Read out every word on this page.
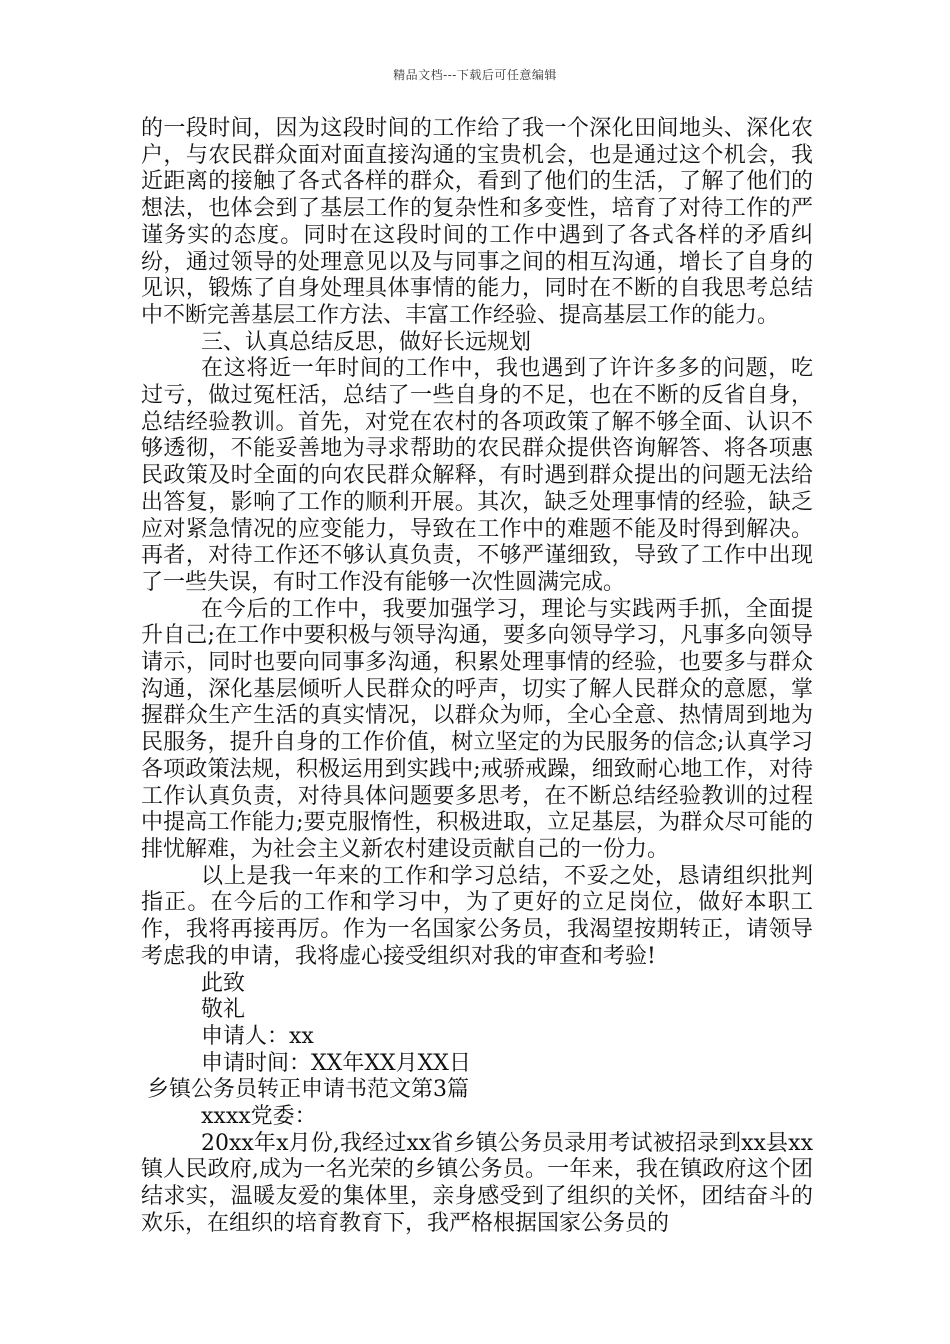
精品文档---下载后可任意编辑

的一段时间，因为这段时间的工作给了我一个深化田间地头、深化农户，与农民群众面对面直接沟通的宝贵机会，也是通过这个机会，我近距离的接触了各式各样的群众，看到了他们的生活，了解了他们的想法，也体会到了基层工作的复杂性和多变性，培育了对待工作的严谨务实的态度。同时在这段时间的工作中遇到了各式各样的矛盾纠纷，通过领导的处理意见以及与同事之间的相互沟通，增长了自身的见识，锻炼了自身处理具体事情的能力，同时在不断的自我思考总结中不断完善基层工作方法、丰富工作经验、提高基层工作的能力。

三、认真总结反思，做好长远规划

在这将近一年时间的工作中，我也遇到了许许多多的问题，吃过亏，做过冤枉活，总结了一些自身的不足，也在不断的反省自身，总结经验教训。首先，对党在农村的各项政策了解不够全面、认识不够透彻，不能妥善地为寻求帮助的农民群众提供咨询解答、将各项惠民政策及时全面的向农民群众解释，有时遇到群众提出的问题无法给出答复，影响了工作的顺利开展。其次，缺乏处理事情的经验，缺乏应对紧急情况的应变能力，导致在工作中的难题不能及时得到解决。再者，对待工作还不够认真负责，不够严谨细致，导致了工作中出现了一些失误，有时工作没有能够一次性圆满完成。

在今后的工作中，我要加强学习，理论与实践两手抓，全面提升自己;在工作中要积极与领导沟通，要多向领导学习，凡事多向领导请示，同时也要向同事多沟通，积累处理事情的经验，也要多与群众沟通，深化基层倾听人民群众的呼声，切实了解人民群众的意愿，掌握群众生产生活的真实情况，以群众为师，全心全意、热情周到地为民服务，提升自身的工作价值，树立坚定的为民服务的信念;认真学习各项政策法规，积极运用到实践中;戒骄戒躁，细致耐心地工作，对待工作认真负责，对待具体问题要多思考，在不断总结经验教训的过程中提高工作能力;要克服惰性，积极进取，立足基层，为群众尽可能的排忧解难，为社会主义新农村建设贡献自己的一份力。

以上是我一年来的工作和学习总结，不妥之处，恳请组织批判指正。在今后的工作和学习中，为了更好的立足岗位，做好本职工作，我将再接再厉。作为一名国家公务员，我渴望按期转正，请领导考虑我的申请，我将虚心接受组织对我的审查和考验!

此致

敬礼

申请人：xx

申请时间：XX年XX月XX日

乡镇公务员转正申请书范文第3篇

xxxx党委：

20xx年x月份,我经过xx省乡镇公务员录用考试被招录到xx县xx镇人民政府,成为一名光荣的乡镇公务员。一年来，我在镇政府这个团结求实，温暖友爱的集体里，亲身感受到了组织的关怀，团结奋斗的欢乐，在组织的培育教育下，我严格根据国家公务员的
